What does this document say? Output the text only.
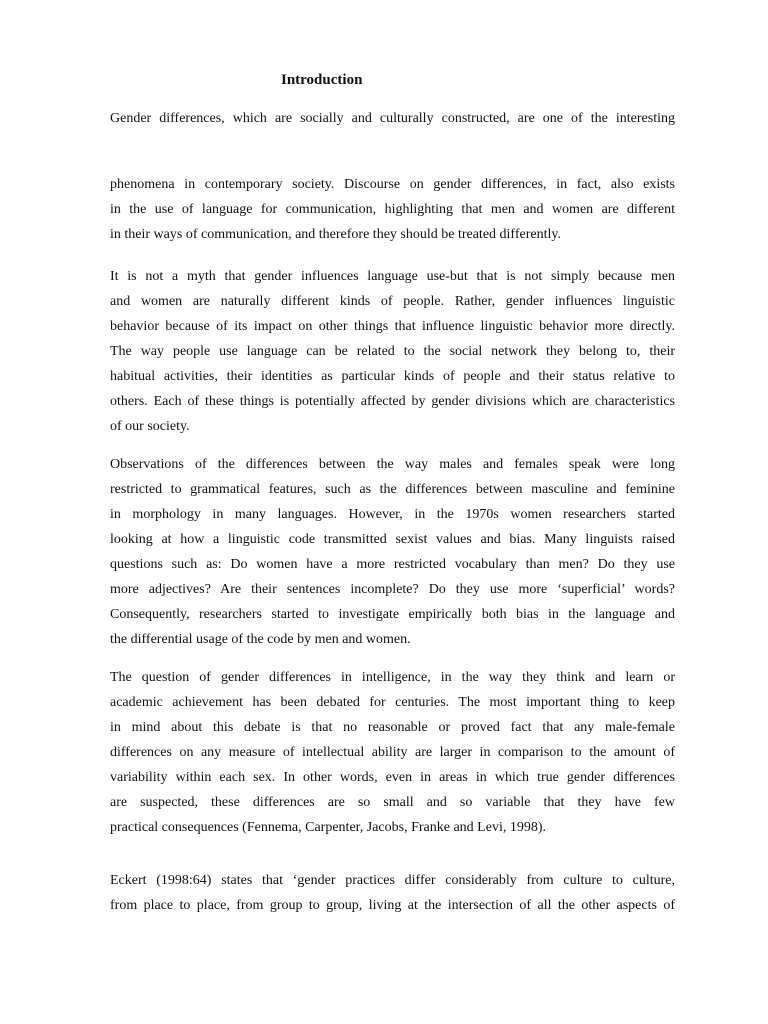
Introduction
Gender differences, which are socially and culturally constructed, are one of the interesting
phenomena in contemporary society. Discourse on gender differences, in fact, also exists
in the use of language for communication, highlighting that men and women are different
in their ways of communication, and therefore they should be treated differently.
It is not a myth that gender influences language use-but that is not simply because men
and women are naturally different kinds of people. Rather, gender influences linguistic
behavior because of its impact on other things that influence linguistic behavior more directly.
The way people use language can be related to the social network they belong to, their
habitual activities, their identities as particular kinds of people and their status relative to
others. Each of these things is potentially affected by gender divisions which are characteristics
of our society.
Observations of the differences between the way males and females speak were long
restricted to grammatical features, such as the differences between masculine and feminine
in morphology in many languages. However, in the 1970s women researchers started
looking at how a linguistic code transmitted sexist values and bias. Many linguists raised
questions such as: Do women have a more restricted vocabulary than men? Do they use
more adjectives? Are their sentences incomplete? Do they use more ‘superficial’ words?
Consequently, researchers started to investigate empirically both bias in the language and
the differential usage of the code by men and women.
The question of gender differences in intelligence, in the way they think and learn or
academic achievement has been debated for centuries. The most important thing to keep
in mind about this debate is that no reasonable or proved fact that any male-female
differences on any measure of intellectual ability are larger in comparison to the amount of
variability within each sex. In other words, even in areas in which true gender differences
are suspected, these differences are so small and so variable that they have few
practical consequences (Fennema, Carpenter, Jacobs, Franke and Levi, 1998).
Eckert (1998:64) states that ‘gender practices differ considerably from culture to culture,
from place to place, from group to group, living at the intersection of all the other aspects of
